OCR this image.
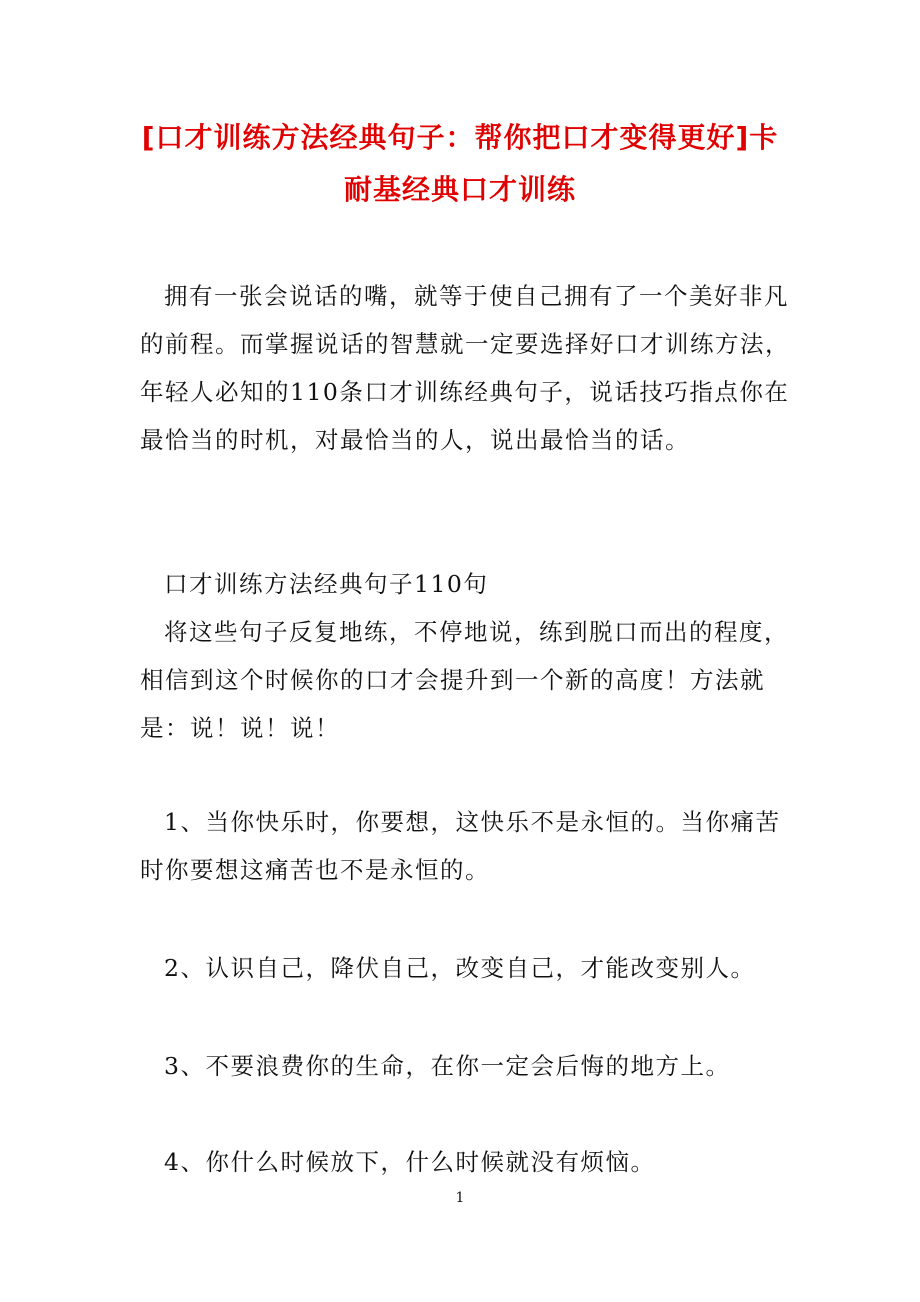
[口才训练方法经典句子：帮你把口才变得更好]卡
耐基经典口才训练

拥有一张会说话的嘴，就等于使自己拥有了一个美好非凡
的前程。而掌握说话的智慧就一定要选择好口才训练方法，
年轻人必知的110条口才训练经典句子，说话技巧指点你在
最恰当的时机，对最恰当的人，说出最恰当的话。

口才训练方法经典句子110句

将这些句子反复地练，不停地说，练到脱口而出的程度，
相信到这个时候你的口才会提升到一个新的高度！方法就
是：说！说！说！

1、当你快乐时，你要想，这快乐不是永恒的。当你痛苦
时你要想这痛苦也不是永恒的。

2、认识自己，降伏自己，改变自己，才能改变别人。

3、不要浪费你的生命，在你一定会后悔的地方上。

4、你什么时候放下，什么时候就没有烦恼。

1
